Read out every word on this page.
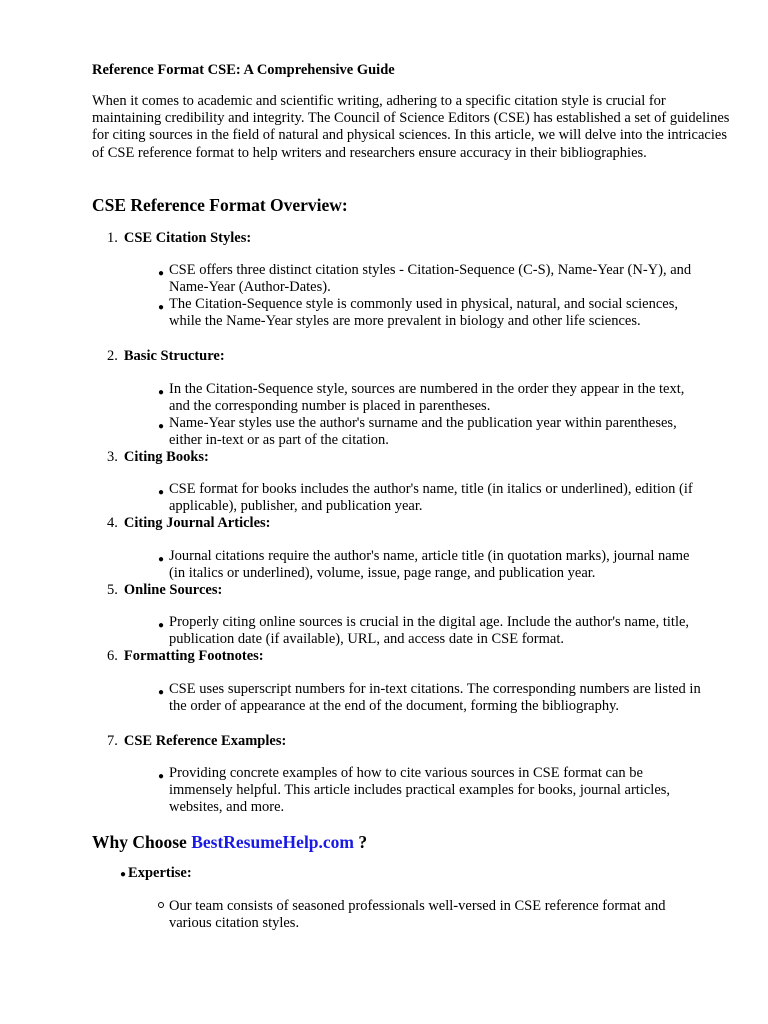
Reference Format CSE: A Comprehensive Guide
When it comes to academic and scientific writing, adhering to a specific citation style is crucial for maintaining credibility and integrity. The Council of Science Editors (CSE) has established a set of guidelines for citing sources in the field of natural and physical sciences. In this article, we will delve into the intricacies of CSE reference format to help writers and researchers ensure accuracy in their bibliographies.
CSE Reference Format Overview:
1. CSE Citation Styles:
● CSE offers three distinct citation styles - Citation-Sequence (C-S), Name-Year (N-Y), and Name-Year (Author-Dates).
● The Citation-Sequence style is commonly used in physical, natural, and social sciences, while the Name-Year styles are more prevalent in biology and other life sciences.
2. Basic Structure:
● In the Citation-Sequence style, sources are numbered in the order they appear in the text, and the corresponding number is placed in parentheses.
● Name-Year styles use the author's surname and the publication year within parentheses, either in-text or as part of the citation.
3. Citing Books:
● CSE format for books includes the author's name, title (in italics or underlined), edition (if applicable), publisher, and publication year.
4. Citing Journal Articles:
● Journal citations require the author's name, article title (in quotation marks), journal name (in italics or underlined), volume, issue, page range, and publication year.
5. Online Sources:
● Properly citing online sources is crucial in the digital age. Include the author's name, title, publication date (if available), URL, and access date in CSE format.
6. Formatting Footnotes:
● CSE uses superscript numbers for in-text citations. The corresponding numbers are listed in the order of appearance at the end of the document, forming the bibliography.
7. CSE Reference Examples:
● Providing concrete examples of how to cite various sources in CSE format can be immensely helpful. This article includes practical examples for books, journal articles, websites, and more.
Why Choose BestResumeHelp.com ?
● Expertise:
Our team consists of seasoned professionals well-versed in CSE reference format and various citation styles.
